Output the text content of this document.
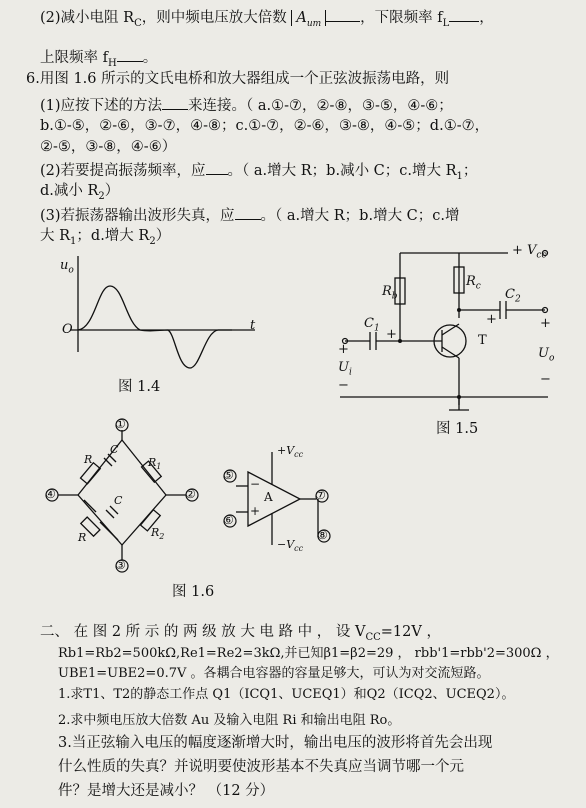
(2)减小电阻 $R_C$，则中频电压放大倍数 $A_{um}$	，下限频率 $f_L$ ，
上限频率 $f_H$ 。
6.用图 1.6 所示的文氏电桥和放大器组成一个正弦波振荡电路，则
(1)应按下述的方法 来连接。（ a.①-⑦，②-⑧，③-⑤，④-⑥；
b.①-⑤，②-⑥，③-⑦，④-⑧；c.①-⑦，②-⑥，③-⑧，④-⑤；d.①-⑦，
②-⑤，③-⑧，④-⑥）
(2)若要提高振荡频率，应 。（ a.增大 R；b.减小 C；c.增大 $R_1$；
d.减小 $R_2$）
(3)若振荡器输出波形失真，应 。（ a.增大 R；b.增大 C；c.增
大 $R_1$；d.增大 $R_2$）
$u_o$
O	t
图 1.4
+ $V_{cc}$
$R_b$
$R_c$
$C_1$
$C_2$
T
+
+
+	+
$U_i$
$U_o$
−	−
图 1.5
①
④	②
③
⑤
⑥
⑦
⑧
R
C
$R_1$
C
R	$R_2$
A
−
+
$+V_{cc}$
$-V_{cc}$
图 1.6
二、 在 图 2 所 示 的 两 级 放 大 电 路 中 ， 设 $V_{CC}=12V$ ，
Rb1=Rb2=500kΩ,Re1=Re2=3kΩ,并已知β1=β2=29 ， rbb'1=rbb'2=300Ω ，
UBE1=UBE2=0.7V 。各耦合电容器的容量足够大，可认为对交流短路。
1.求T1、T2的静态工作点 Q1（ICQ1、UCEQ1）和Q2（ICQ2、UCEQ2）。
2.求中频电压放大倍数 Au 及输入电阻 Ri 和输出电阻 Ro。
3.当正弦输入电压的幅度逐渐增大时，输出电压的波形将首先会出现
什么性质的失真？并说明要使波形基本不失真应当调节哪一个元
件？是增大还是减小？ （12 分）
